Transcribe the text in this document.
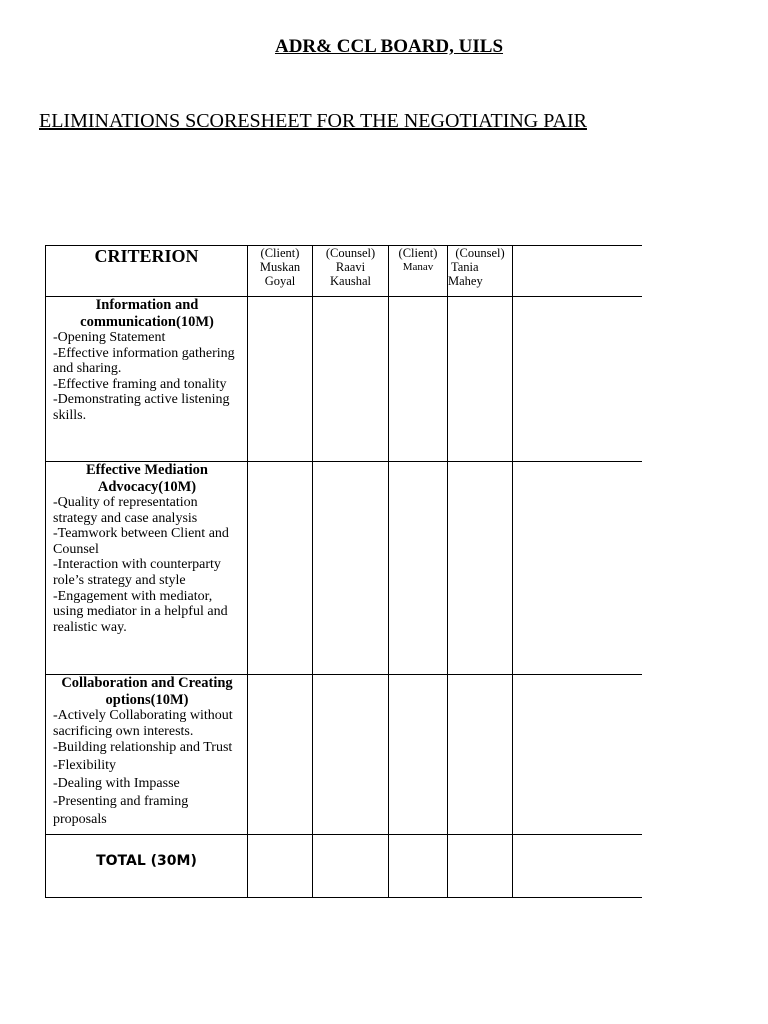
ADR& CCL BOARD, UILS
ELIMINATIONS SCORESHEET FOR THE NEGOTIATING PAIR
CRITERION	(Client)
Muskan
Goyal
(Counsel)
Raavi
Kaushal
(Client)
Manav
(Counsel)
Tania
Mahey
Information and communication(10M)
-Opening Statement
-Effective information gathering and sharing.
-Effective framing and tonality
-Demonstrating active listening skills.
Effective Mediation Advocacy(10M)
-Quality of representation strategy and case analysis
-Teamwork between Client and Counsel
-Interaction with counterparty role’s strategy and style
-Engagement with mediator, using mediator in a helpful and realistic way.
Collaboration and Creating options(10M)
-Actively Collaborating without sacrificing own interests.
-Building relationship and Trust
-Flexibility
-Dealing with Impasse
-Presenting and framing proposals
TOTAL (30M)
